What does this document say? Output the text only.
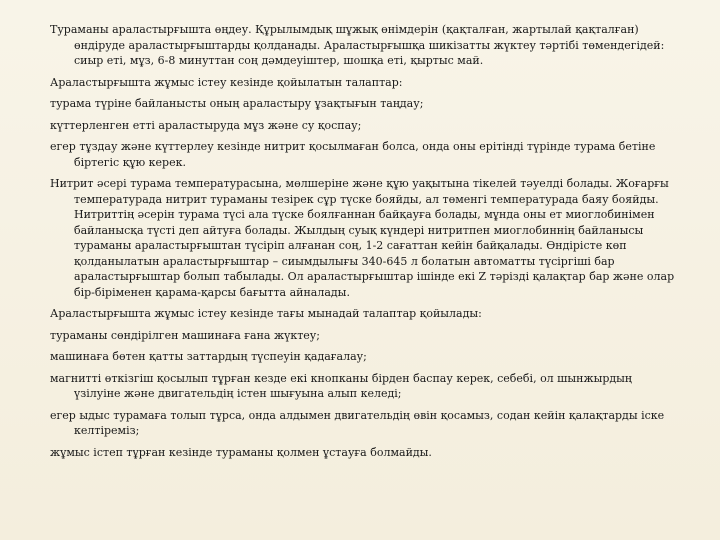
Тураманы араластырғышта өңдеу. Құрылымдық шұжық өнімдерін (қақталған, жартылай қақталған) өндіруде араластырғыштарды қолданады. Араластырғышқа шикізатты жүктеу тәртібі төмендегідей: сиыр еті, мұз, 6-8 минуттан соң дәмдеуіштер, шошқа еті, қыртыс май.

Араластырғышта жұмыс істеу кезінде қойылатын талаптар:

турама түріне байланысты оның араластыру ұзақтығын таңдау;

күттерленген етті араластыруда мұз және су қоспау;

егер тұздау және күттерлеу кезінде нитрит қосылмаған болса, онда оны ерітінді түрінде турама бетіне біртегіс құю керек.

Нитрит әсері турама температурасына, мөлшеріне және құю уақытына тікелей тәуелді болады. Жоғарғы температурада нитрит тураманы тезірек сұр түске бояйды, ал төменгі температурада баяу бояйды. Нитриттің әсерін турама түсі ала түске боялғаннан байқауға болады, мұнда оны ет миоглобинімен байланысқа түсті деп айтуға болады. Жылдың суық күндері нитритпен миоглобиннің байланысы тураманы араластырғыштан түсіріп алғанан соң, 1-2 сағаттан кейін байқалады. Өндірісте көп қолданылатын араластырғыштар – сиымдылығы 340-645 л болатын автоматты түсіргіші бар араластырғыштар болып табылады. Ол араластырғыштар ішінде екі Z тәрізді қалақтар бар және олар бір-біріменен қарама-қарсы бағытта айналады.

Араластырғышта жұмыс істеу кезінде тағы мынадай талаптар қойылады:

тураманы сөндірілген машинаға ғана жүктеу;

машинаға бөтен қатты заттардың түспеуін қадағалау;

магнитті өткізгіш қосылып тұрған кезде екі кнопканы бірден баспау керек, себебі, ол шынжырдың үзілуіне және двигательдің істен шығуына алып келеді;

егер ыдыс турамаға толып тұрса, онда алдымен двигательдің өвін қосамыз, содан кейін қалақтарды іске келтіреміз;

жұмыс істеп тұрған кезінде тураманы қолмен ұстауға болмайды.
